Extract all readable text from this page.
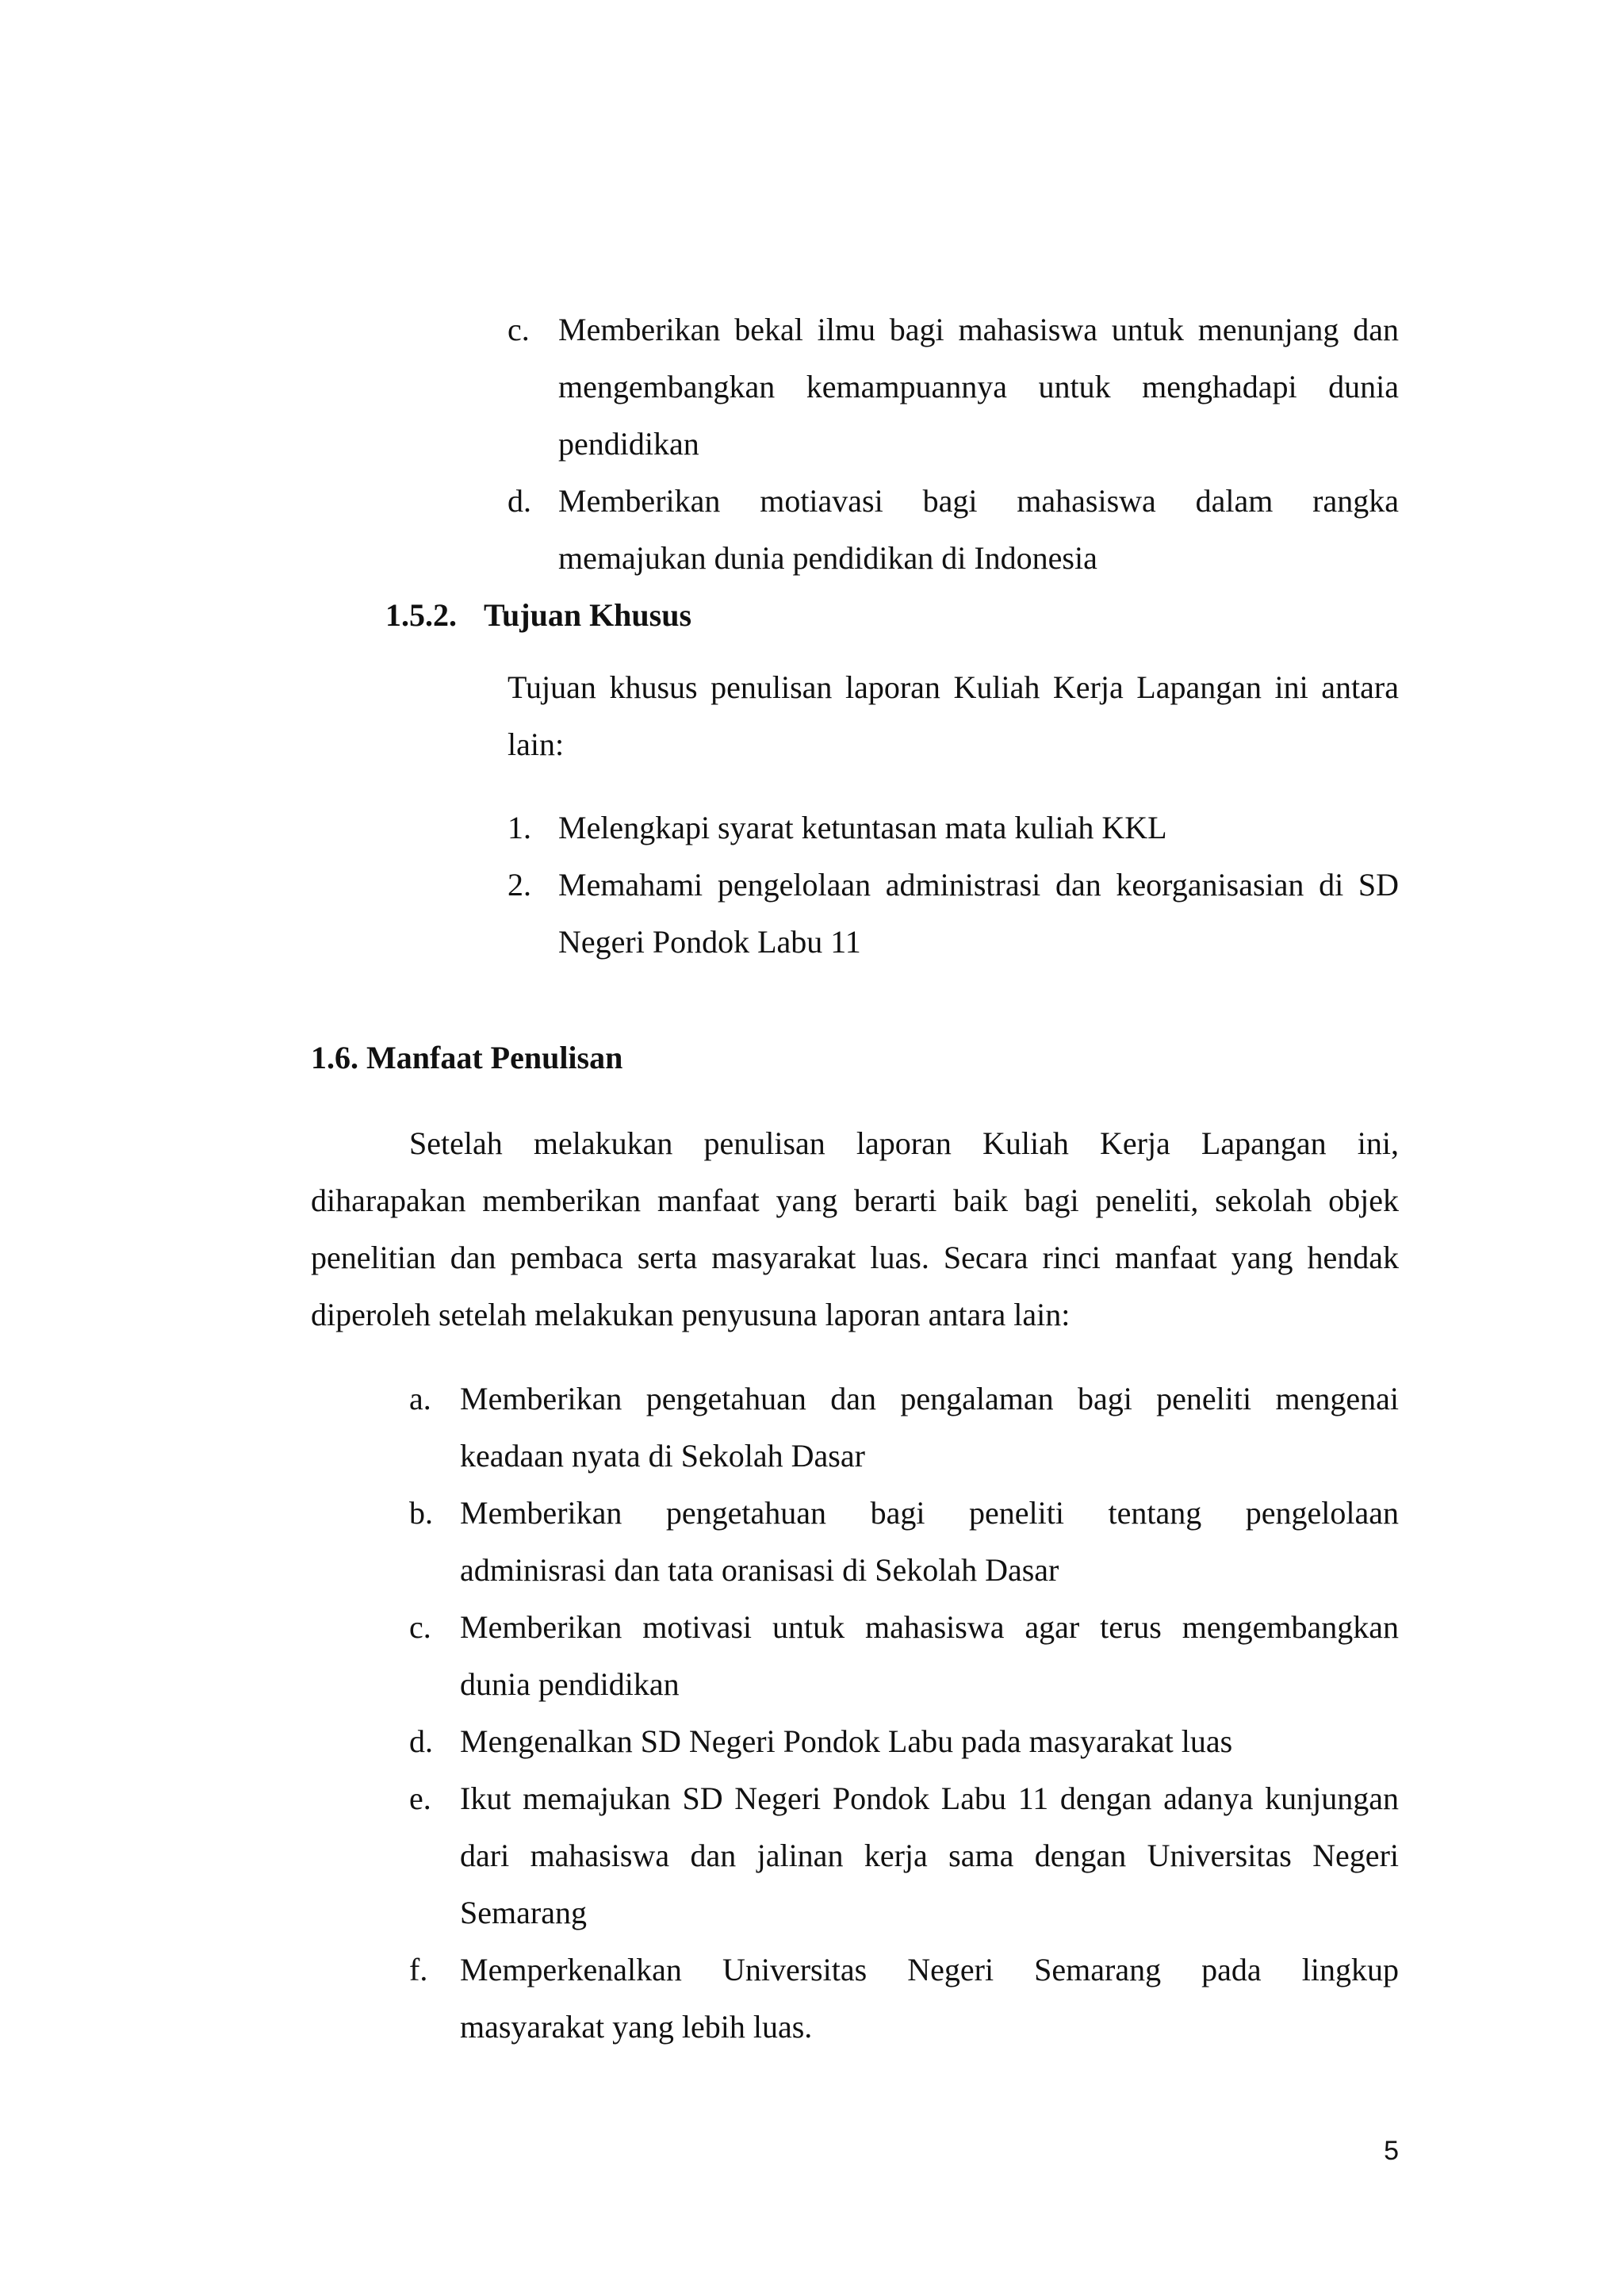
c. Memberikan bekal ilmu bagi mahasiswa untuk menunjang dan
mengembangkan kemampuannya untuk menghadapi dunia
pendidikan
d. Memberikan motiavasi bagi mahasiswa dalam rangka
memajukan dunia pendidikan di Indonesia
1.5.2. Tujuan Khusus
Tujuan khusus penulisan laporan Kuliah Kerja Lapangan ini antara
lain:
1. Melengkapi syarat ketuntasan mata kuliah KKL
2. Memahami pengelolaan administrasi dan keorganisasian di SD
Negeri Pondok Labu 11
1.6. Manfaat Penulisan
Setelah melakukan penulisan laporan Kuliah Kerja Lapangan ini,
diharapakan memberikan manfaat yang berarti baik bagi peneliti, sekolah objek
penelitian dan pembaca serta masyarakat luas. Secara rinci manfaat yang hendak
diperoleh setelah melakukan penyusuna laporan antara lain:
a. Memberikan pengetahuan dan pengalaman bagi peneliti mengenai
keadaan nyata di Sekolah Dasar
b. Memberikan pengetahuan bagi peneliti tentang pengelolaan
adminisrasi dan tata oranisasi di Sekolah Dasar
c. Memberikan motivasi untuk mahasiswa agar terus mengembangkan
dunia pendidikan
d. Mengenalkan SD Negeri Pondok Labu pada masyarakat luas
e. Ikut memajukan SD Negeri Pondok Labu 11 dengan adanya kunjungan
dari mahasiswa dan jalinan kerja sama dengan Universitas Negeri
Semarang
f. Memperkenalkan Universitas Negeri Semarang pada lingkup
masyarakat yang lebih luas.
5
